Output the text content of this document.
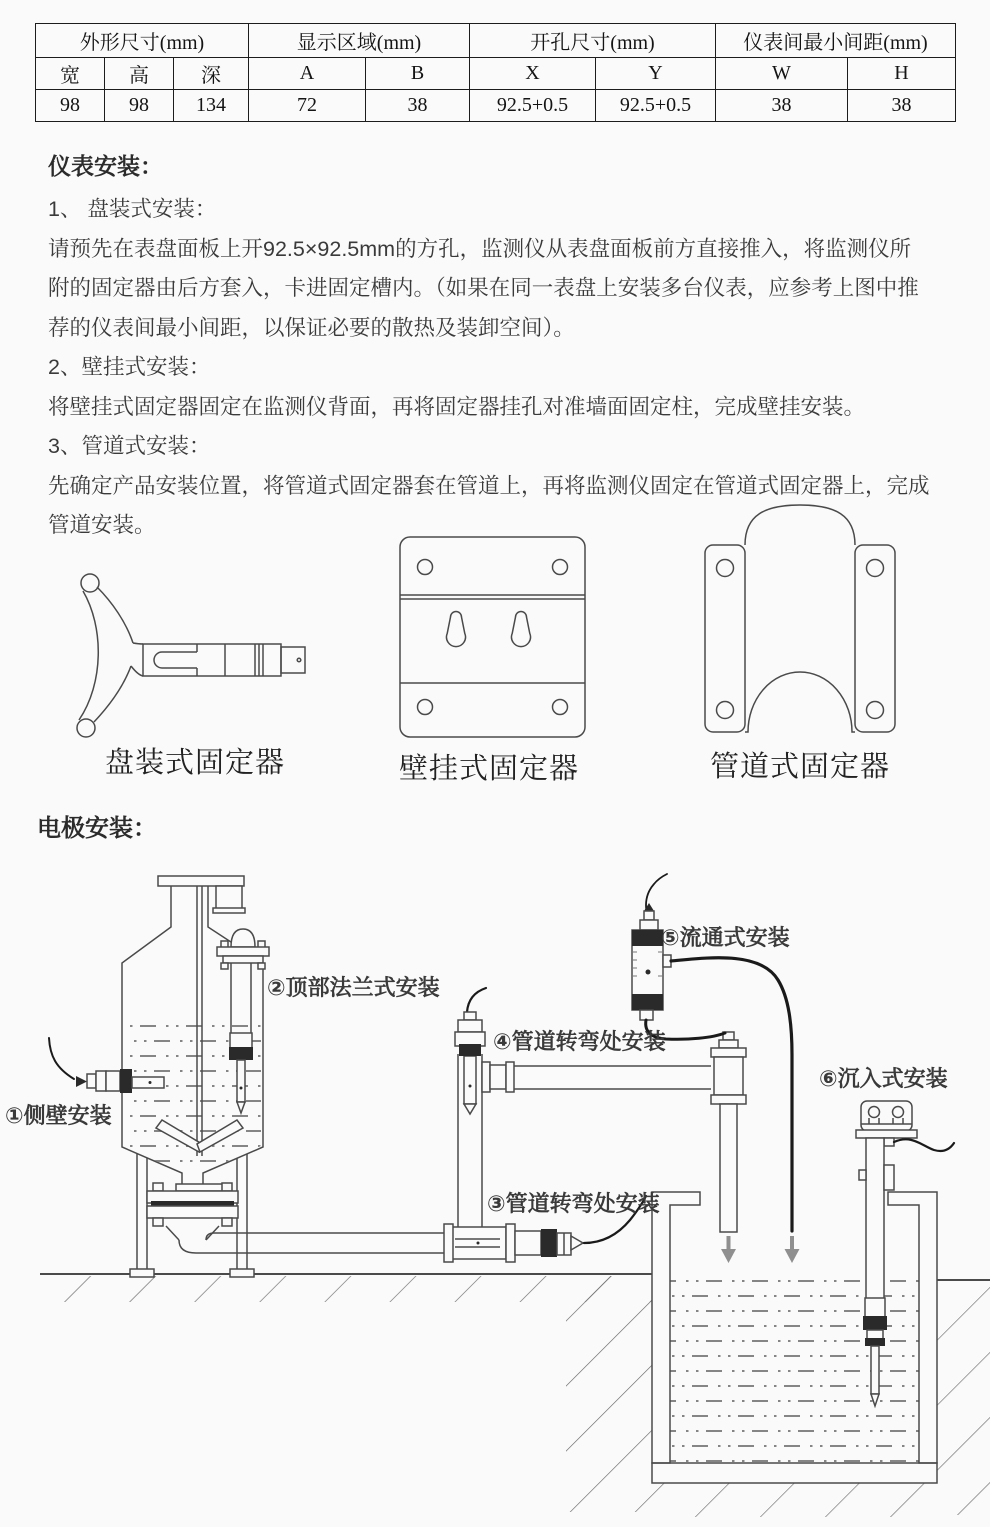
外形尺寸(mm)			显示区域(mm)		开孔尺寸(mm)		仪表间最小间距(mm)	
宽	高	深	A	B	X	Y	W	H
98	98	134	72	38	92.5+0.5	92.5+0.5	38	38
仪表安装：
1、 盘装式安装：
请预先在表盘面板上开92.5×92.5mm的方孔，监测仪从表盘面板前方直接推入，将监测仪所
附的固定器由后方套入，卡进固定槽内。（如果在同一表盘上安装多台仪表，应参考上图中推
荐的仪表间最小间距，以保证必要的散热及装卸空间）。
2、壁挂式安装：
将壁挂式固定器固定在监测仪背面，再将固定器挂孔对准墙面固定柱，完成壁挂安装。
3、管道式安装：
先确定产品安装位置，将管道式固定器套在管道上，再将监测仪固定在管道式固定器上，完成
管道安装。
盘装式固定器	壁挂式固定器	管道式固定器
电极安装：
①侧壁安装
②顶部法兰式安装
③管道转弯处安装
④管道转弯处安装
⑤流通式安装
⑥沉入式安装
